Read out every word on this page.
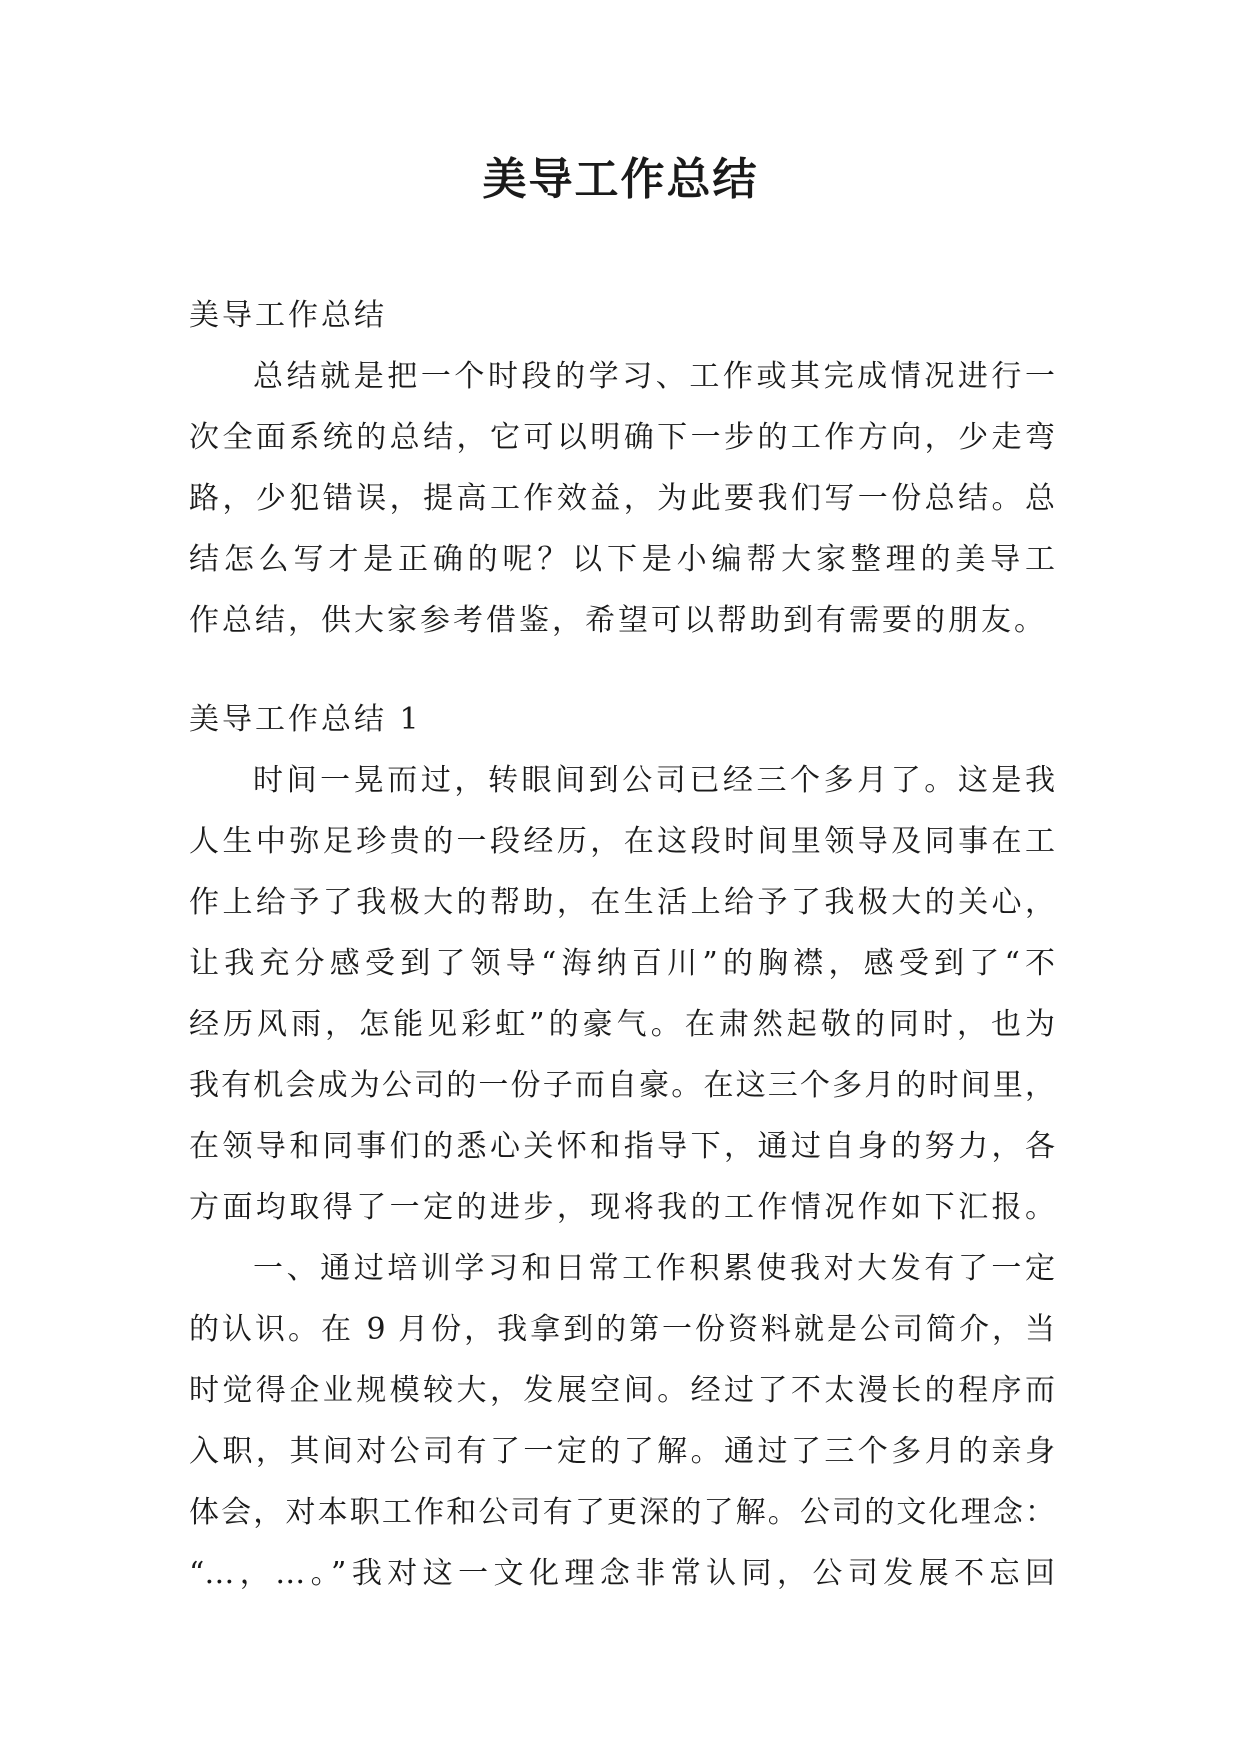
美导工作总结
美导工作总结
总结就是把一个时段的学习、工作或其完成情况进行一
次全面系统的总结，它可以明确下一步的工作方向，少走弯
路，少犯错误，提高工作效益，为此要我们写一份总结。总
结怎么写才是正确的呢？以下是小编帮大家整理的美导工
作总结，供大家参考借鉴，希望可以帮助到有需要的朋友。
美导工作总结 1
时间一晃而过，转眼间到公司已经三个多月了。这是我
人生中弥足珍贵的一段经历，在这段时间里领导及同事在工
作上给予了我极大的帮助，在生活上给予了我极大的关心，
让我充分感受到了领导“海纳百川”的胸襟，感受到了“不
经历风雨，怎能见彩虹”的豪气。在肃然起敬的同时，也为
我有机会成为公司的一份子而自豪。在这三个多月的时间里，
在领导和同事们的悉心关怀和指导下，通过自身的努力，各
方面均取得了一定的进步，现将我的工作情况作如下汇报。
一、通过培训学习和日常工作积累使我对大发有了一定
的认识。在 9 月份，我拿到的第一份资料就是公司简介，当
时觉得企业规模较大，发展空间。经过了不太漫长的程序而
入职，其间对公司有了一定的了解。通过了三个多月的亲身
体会，对本职工作和公司有了更深的了解。公司的文化理念：
“…，…。”我对这一文化理念非常认同，公司发展不忘回
